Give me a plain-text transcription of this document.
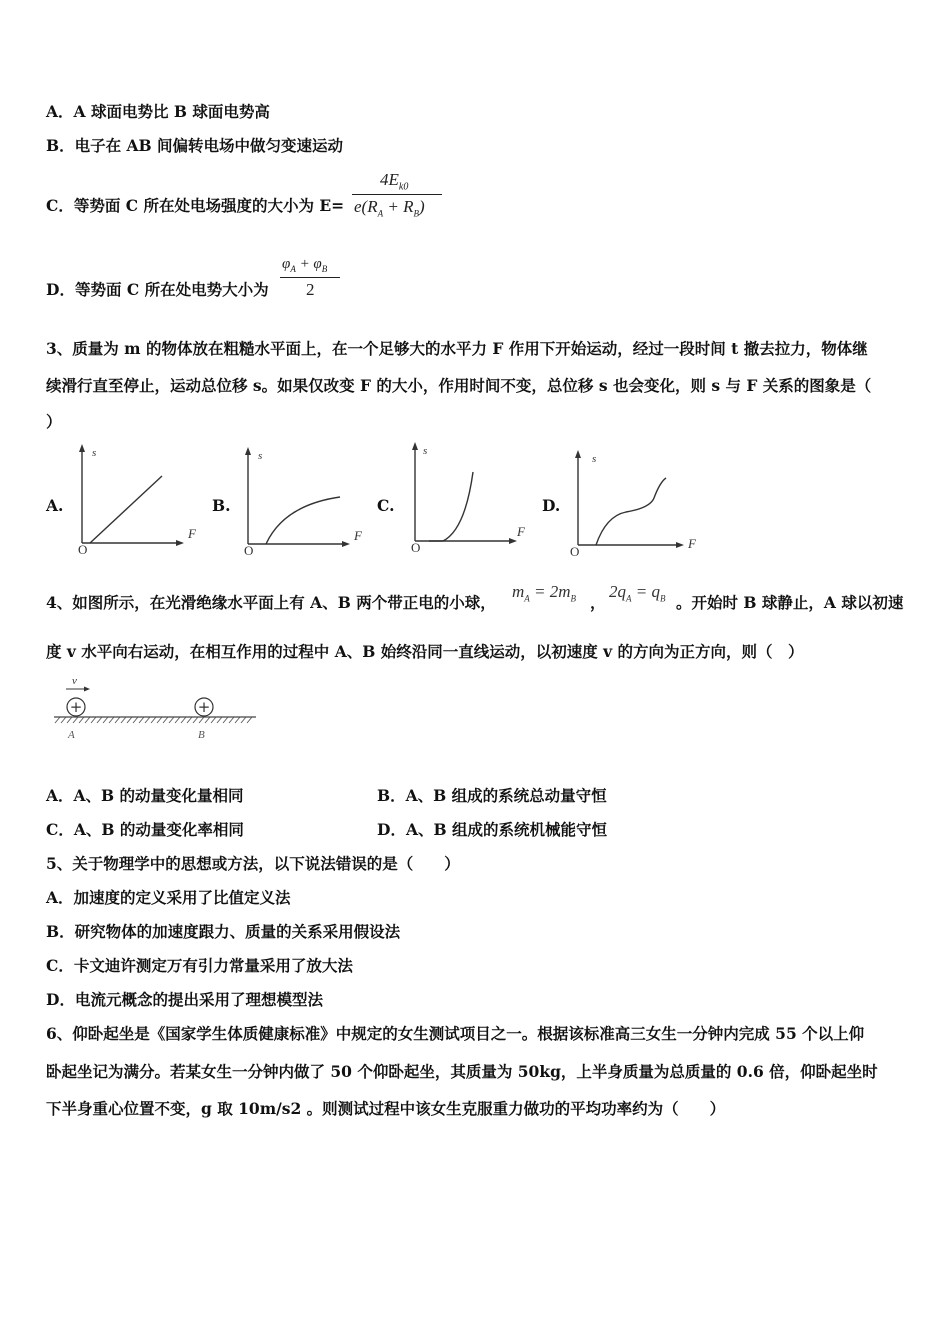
A．A 球面电势比 B 球面电势高
B．电子在 AB 间偏转电场中做匀变速运动
C．等势面 C 所在处电场强度的大小为 E=
$4E_{k0}$
$e(R_A + R_B)$
D．等势面 C 所在处电势大小为
$\varphi_A + \varphi_B$
2
3、质量为 m 的物体放在粗糙水平面上，在一个足够大的水平力 F 作用下开始运动，经过一段时间 t 撤去拉力，物体继
续滑行直至停止，运动总位移 s。如果仅改变 F 的大小，作用时间不变，总位移 s 也会变化，则 s 与 F 关系的图象是（
）
A.
s
F
O
B.
s
F
O
C.
s
F
O
D.
s
F
O
4、如图所示，在光滑绝缘水平面上有 A、B 两个带正电的小球，
$m_A = 2m_B$ ，
$2q_A = q_B$ 。开始时 B 球静止，A 球以初速
度 v 水平向右运动，在相互作用的过程中 A、B 始终沿同一直线运动，以初速度 v 的方向为正方向，则（　）
v
+	+
A	B
A．A、B 的动量变化量相同	B．A、B 组成的系统总动量守恒
C．A、B 的动量变化率相同	D．A、B 组成的系统机械能守恒
5、关于物理学中的思想或方法，以下说法错误的是（　　）
A．加速度的定义采用了比值定义法
B．研究物体的加速度跟力、质量的关系采用假设法
C．卡文迪许测定万有引力常量采用了放大法
D．电流元概念的提出采用了理想模型法
6、仰卧起坐是《国家学生体质健康标准》中规定的女生测试项目之一。根据该标准高三女生一分钟内完成 55 个以上仰
卧起坐记为满分。若某女生一分钟内做了 50 个仰卧起坐，其质量为 50kg，上半身质量为总质量的 0.6 倍，仰卧起坐时
下半身重心位置不变，g 取 10m/s2 。则测试过程中该女生克服重力做功的平均功率约为（　　）
